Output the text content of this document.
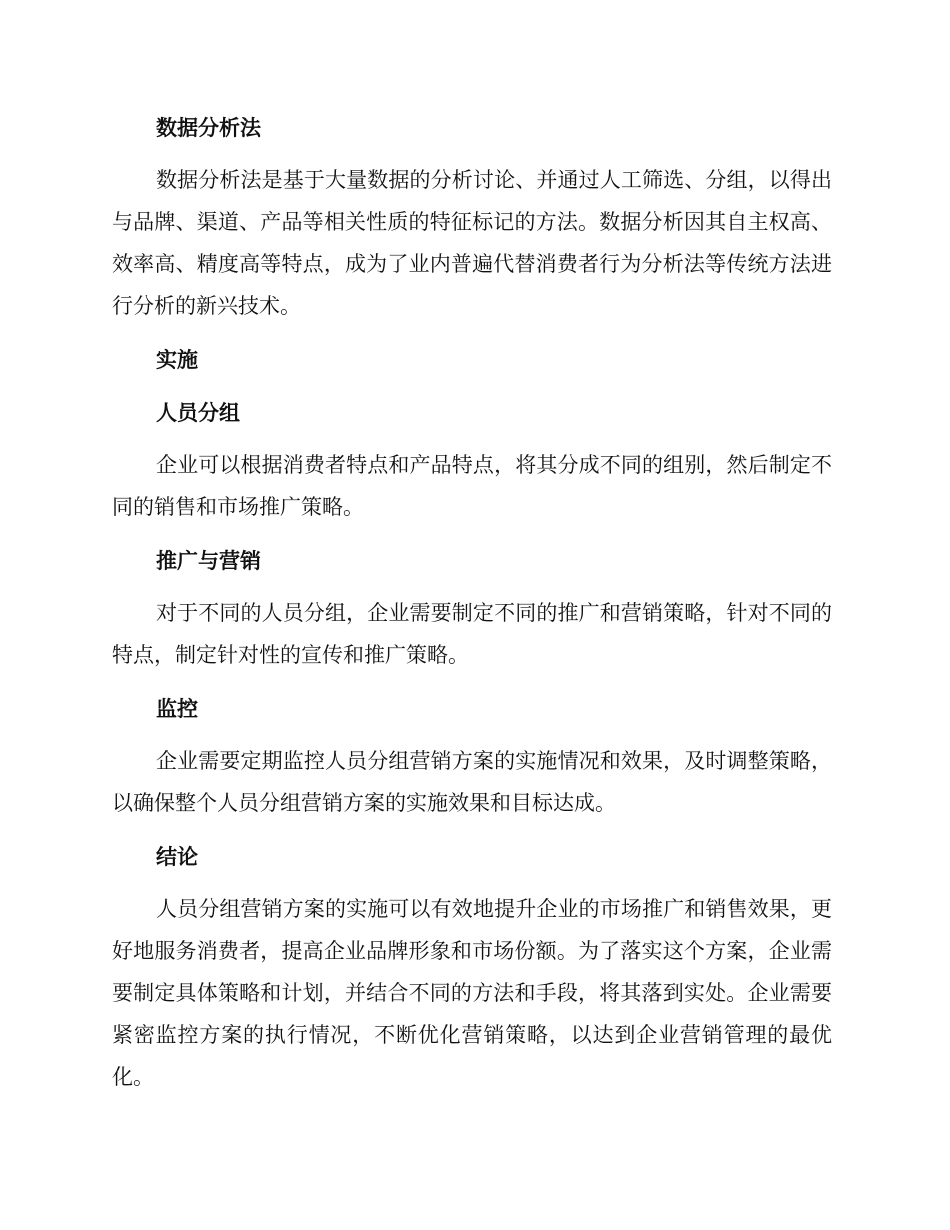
数据分析法

数据分析法是基于大量数据的分析讨论、并通过人工筛选、分组，以得出与品牌、渠道、产品等相关性质的特征标记的方法。数据分析因其自主权高、效率高、精度高等特点，成为了业内普遍代替消费者行为分析法等传统方法进行分析的新兴技术。

实施
人员分组

企业可以根据消费者特点和产品特点，将其分成不同的组别，然后制定不同的销售和市场推广策略。

推广与营销

对于不同的人员分组，企业需要制定不同的推广和营销策略，针对不同的特点，制定针对性的宣传和推广策略。

监控

企业需要定期监控人员分组营销方案的实施情况和效果，及时调整策略，以确保整个人员分组营销方案的实施效果和目标达成。

结论

人员分组营销方案的实施可以有效地提升企业的市场推广和销售效果，更好地服务消费者，提高企业品牌形象和市场份额。为了落实这个方案，企业需要制定具体策略和计划，并结合不同的方法和手段，将其落到实处。企业需要紧密监控方案的执行情况，不断优化营销策略，以达到企业营销管理的最优化。
